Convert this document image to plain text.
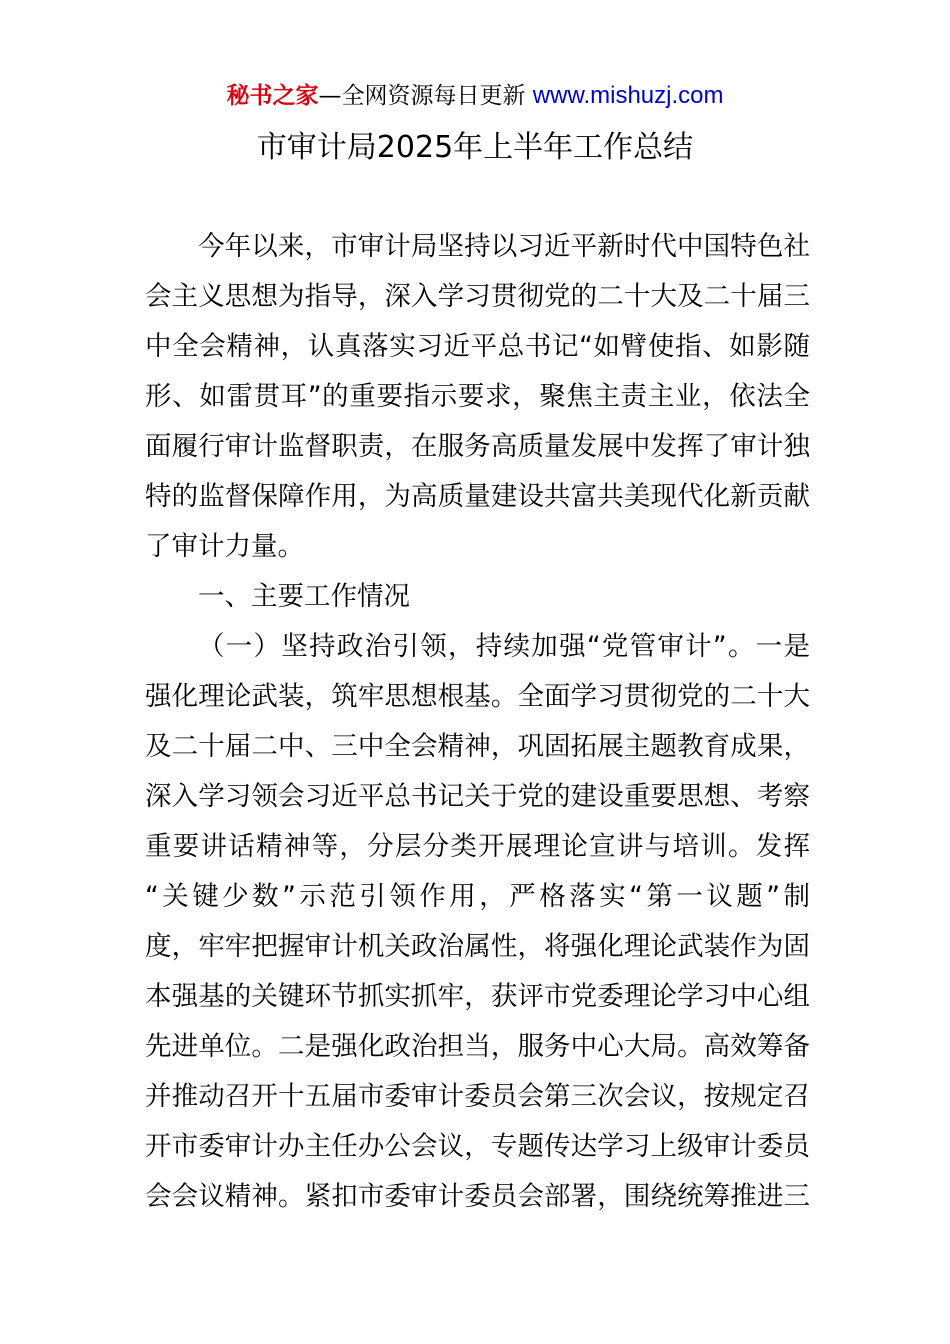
秘书之家—全网资源每日更新 www.mishuzj.com
市审计局2025年上半年工作总结
今年以来，市审计局坚持以习近平新时代中国特色社
会主义思想为指导，深入学习贯彻党的二十大及二十届三
中全会精神，认真落实习近平总书记“如臂使指、如影随
形、如雷贯耳”的重要指示要求，聚焦主责主业，依法全
面履行审计监督职责，在服务高质量发展中发挥了审计独
特的监督保障作用，为高质量建设共富共美现代化新贡献
了审计力量。
一、主要工作情况
（一）坚持政治引领，持续加强“党管审计”。一是
强化理论武装，筑牢思想根基。全面学习贯彻党的二十大
及二十届二中、三中全会精神，巩固拓展主题教育成果，
深入学习领会习近平总书记关于党的建设重要思想、考察
重要讲话精神等，分层分类开展理论宣讲与培训。发挥
“关键少数”示范引领作用，严格落实“第一议题”制
度，牢牢把握审计机关政治属性，将强化理论武装作为固
本强基的关键环节抓实抓牢，获评市党委理论学习中心组
先进单位。二是强化政治担当，服务中心大局。高效筹备
并推动召开十五届市委审计委员会第三次会议，按规定召
开市委审计办主任办公会议，专题传达学习上级审计委员
会会议精神。紧扣市委审计委员会部署，围绕统筹推进三
